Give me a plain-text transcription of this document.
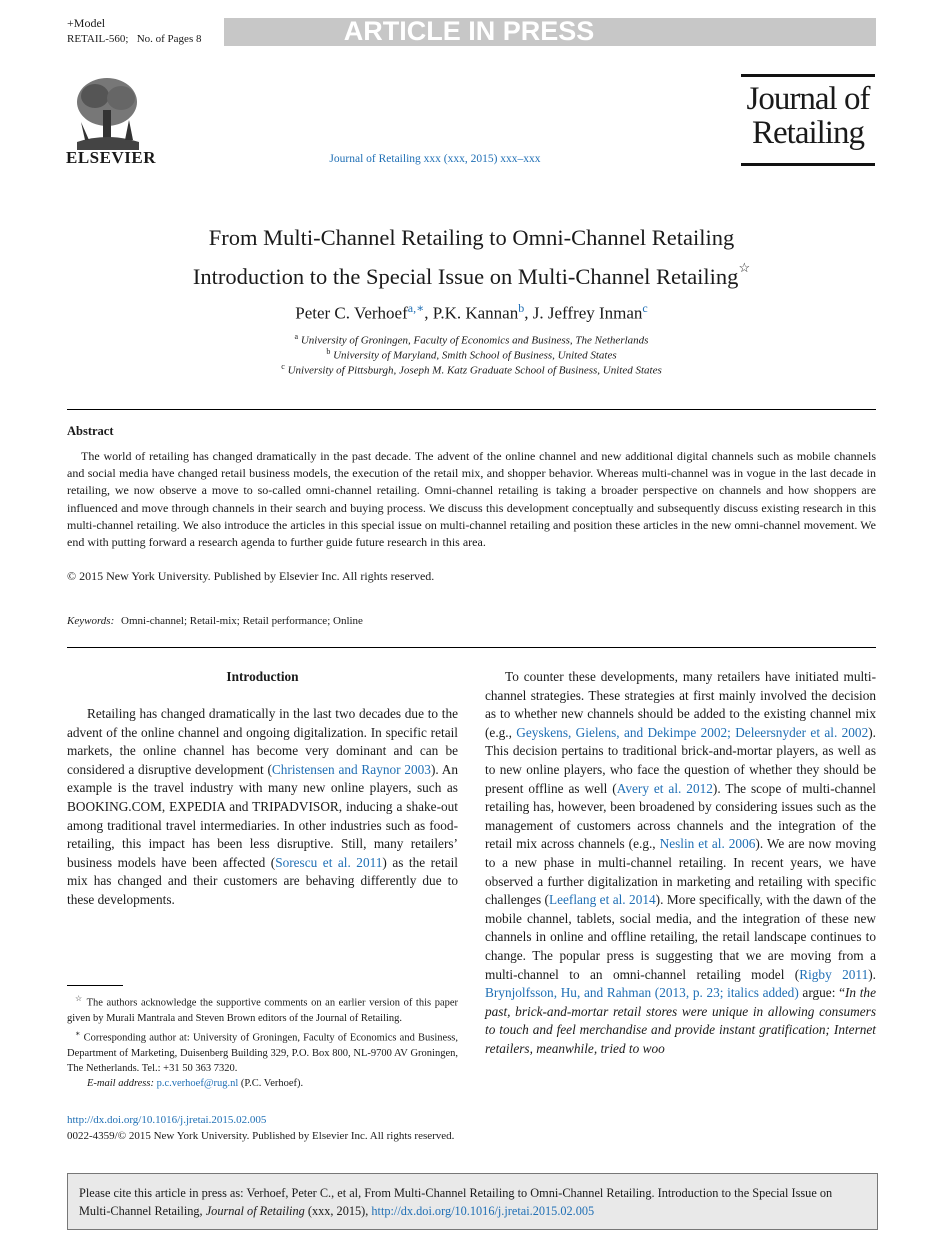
+Model
RETAIL-560; No. of Pages 8	ARTICLE IN PRESS
ELSEVIER	Journal of Retailing xxx (xxx, 2015) xxx–xxx
Journal of
Retailing
From Multi-Channel Retailing to Omni-Channel Retailing
Introduction to the Special Issue on Multi-Channel Retailing☆
Peter C. Verhoef$^{a,∗}$, P.K. Kannan$^b$, J. Jeffrey Inman$^c$
$^a$ University of Groningen, Faculty of Economics and Business, The Netherlands
$^b$ University of Maryland, Smith School of Business, United States
$^c$ University of Pittsburgh, Joseph M. Katz Graduate School of Business, United States
Abstract
The world of retailing has changed dramatically in the past decade. The advent of the online channel and new additional digital channels such as mobile channels and social media have changed retail business models, the execution of the retail mix, and shopper behavior. Whereas multi-channel was in vogue in the last decade in retailing, we now observe a move to so-called omni-channel retailing. Omni-channel retailing is taking a broader perspective on channels and how shoppers are influenced and move through channels in their search and buying process. We discuss this development conceptually and subsequently discuss existing research in this multi-channel retailing. We also introduce the articles in this special issue on multi-channel retailing and position these articles in the new omni-channel movement. We end with putting forward a research agenda to further guide future research in this area.
© 2015 New York University. Published by Elsevier Inc. All rights reserved.
Keywords: Omni-channel; Retail-mix; Retail performance; Online
Introduction

Retailing has changed dramatically in the last two decades due to the advent of the online channel and ongoing digitalization. In specific retail markets, the online channel has become very dominant and can be considered a disruptive development (Christensen and Raynor 2003). An example is the travel industry with many new online players, such as BOOKING.COM, EXPEDIA and TRIPADVISOR, inducing a shake-out among traditional travel intermediaries. In other industries such as food-retailing, this impact has been less disruptive. Still, many retailers’ business models have been affected (Sorescu et al. 2011) as the retail mix has changed and their customers are behaving differently due to these developments.

☆ The authors acknowledge the supportive comments on an earlier version of this paper given by Murali Mantrala and Steven Brown editors of the Journal of Retailing.

∗ Corresponding author at: University of Groningen, Faculty of Economics and Business, Department of Marketing, Duisenberg Building 329, P.O. Box 800, NL-9700 AV Groningen, The Netherlands. Tel.: +31 50 363 7320.

E-mail address: p.c.verhoef@rug.nl (P.C. Verhoef).

To counter these developments, many retailers have initiated multi-channel strategies. These strategies at first mainly involved the decision as to whether new channels should be added to the existing channel mix (e.g., Geyskens, Gielens, and Dekimpe 2002; Deleersnyder et al. 2002). This decision pertains to traditional brick-and-mortar players, as well as to new online players, who face the question of whether they should be present offline as well (Avery et al. 2012). The scope of multi-channel retailing has, however, been broadened by considering issues such as the management of customers across channels and the integration of the retail mix across channels (e.g., Neslin et al. 2006). We are now moving to a new phase in multi-channel retailing. In recent years, we have observed a further digitalization in marketing and retailing with specific challenges (Leeflang et al. 2014). More specifically, with the dawn of the mobile channel, tablets, social media, and the integration of these new channels in online and offline retailing, the retail landscape continues to change. The popular press is suggesting that we are moving from a multi-channel to an omni-channel retailing model (Rigby 2011). Brynjolfsson, Hu, and Rahman (2013, p. 23; italics added) argue: “In the past, brick-and-mortar retail stores were unique in allowing consumers to touch and feel merchandise and provide instant gratification; Internet retailers, meanwhile, tried to woo

http://dx.doi.org/10.1016/j.jretai.2015.02.005
0022-4359/© 2015 New York University. Published by Elsevier Inc. All rights reserved.
Please cite this article in press as: Verhoef, Peter C., et al, From Multi-Channel Retailing to Omni-Channel Retailing. Introduction to the Special Issue on Multi-Channel Retailing, Journal of Retailing (xxx, 2015), http://dx.doi.org/10.1016/j.jretai.2015.02.005
